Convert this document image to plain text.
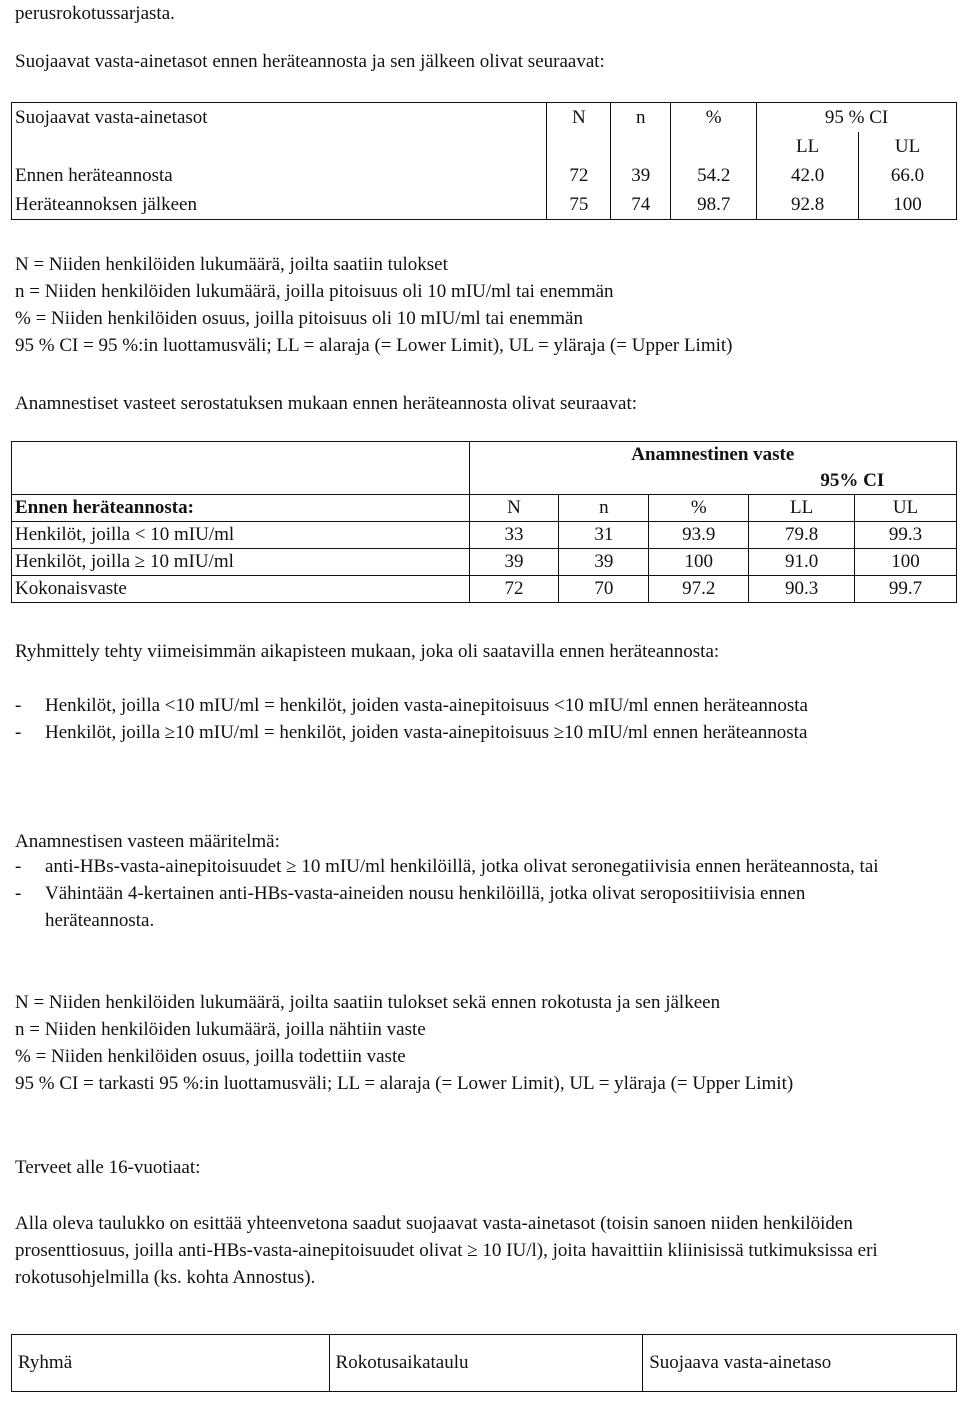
perusrokotussarjasta.

Suojaavat vasta-ainetasot ennen heräteannosta ja sen jälkeen olivat seuraavat:

Suojaavat vasta-ainetasot	N	n	%	95 % CI	
				LL	UL
Ennen heräteannosta	72	39	54.2	42.0	66.0
Heräteannoksen jälkeen	75	74	98.7	92.8	100

N = Niiden henkilöiden lukumäärä, joilta saatiin tulokset

n = Niiden henkilöiden lukumäärä, joilla pitoisuus oli 10 mIU/ml tai enemmän

% = Niiden henkilöiden osuus, joilla pitoisuus oli 10 mIU/ml tai enemmän

95 % CI = 95 %:in luottamusväli; LL = alaraja (= Lower Limit), UL = yläraja (= Upper Limit)

Anamnestiset vasteet serostatuksen mukaan ennen heräteannosta olivat seuraavat:

	Anamnestinen vaste				
				95% CI	
Ennen heräteannosta:	N	n	%	LL	UL
Henkilöt, joilla < 10 mIU/ml	33	31	93.9	79.8	99.3
Henkilöt, joilla ≥ 10 mIU/ml	39	39	100	91.0	100
Kokonaisvaste	72	70	97.2	90.3	99.7

Ryhmittely tehty viimeisimmän aikapisteen mukaan, joka oli saatavilla ennen heräteannosta:

-	Henkilöt, joilla <10 mIU/ml = henkilöt, joiden vasta-ainepitoisuus <10 mIU/ml ennen heräteannosta
-	Henkilöt, joilla ≥10 mIU/ml = henkilöt, joiden vasta-ainepitoisuus ≥10 mIU/ml ennen heräteannosta

Anamnestisen vasteen määritelmä:

-	anti-HBs-vasta-ainepitoisuudet ≥ 10 mIU/ml henkilöillä, jotka olivat seronegatiivisia ennen heräteannosta, tai
-	Vähintään 4-kertainen anti-HBs-vasta-aineiden nousu henkilöillä, jotka olivat seropositiivisia ennen heräteannosta.

N = Niiden henkilöiden lukumäärä, joilta saatiin tulokset sekä ennen rokotusta ja sen jälkeen

n = Niiden henkilöiden lukumäärä, joilla nähtiin vaste

% = Niiden henkilöiden osuus, joilla todettiin vaste

95 % CI = tarkasti 95 %:in luottamusväli; LL = alaraja (= Lower Limit), UL = yläraja (= Upper Limit)

Terveet alle 16-vuotiaat:

Alla oleva taulukko on esittää yhteenvetona saadut suojaavat vasta-ainetasot (toisin sanoen niiden henkilöiden prosenttiosuus, joilla anti-HBs-vasta-ainepitoisuudet olivat ≥ 10 IU/l), joita havaittiin kliinisissä tutkimuksissa eri rokotusohjelmilla (ks. kohta Annostus).

Ryhmä	Rokotusaikataulu	Suojaava vasta-ainetaso
